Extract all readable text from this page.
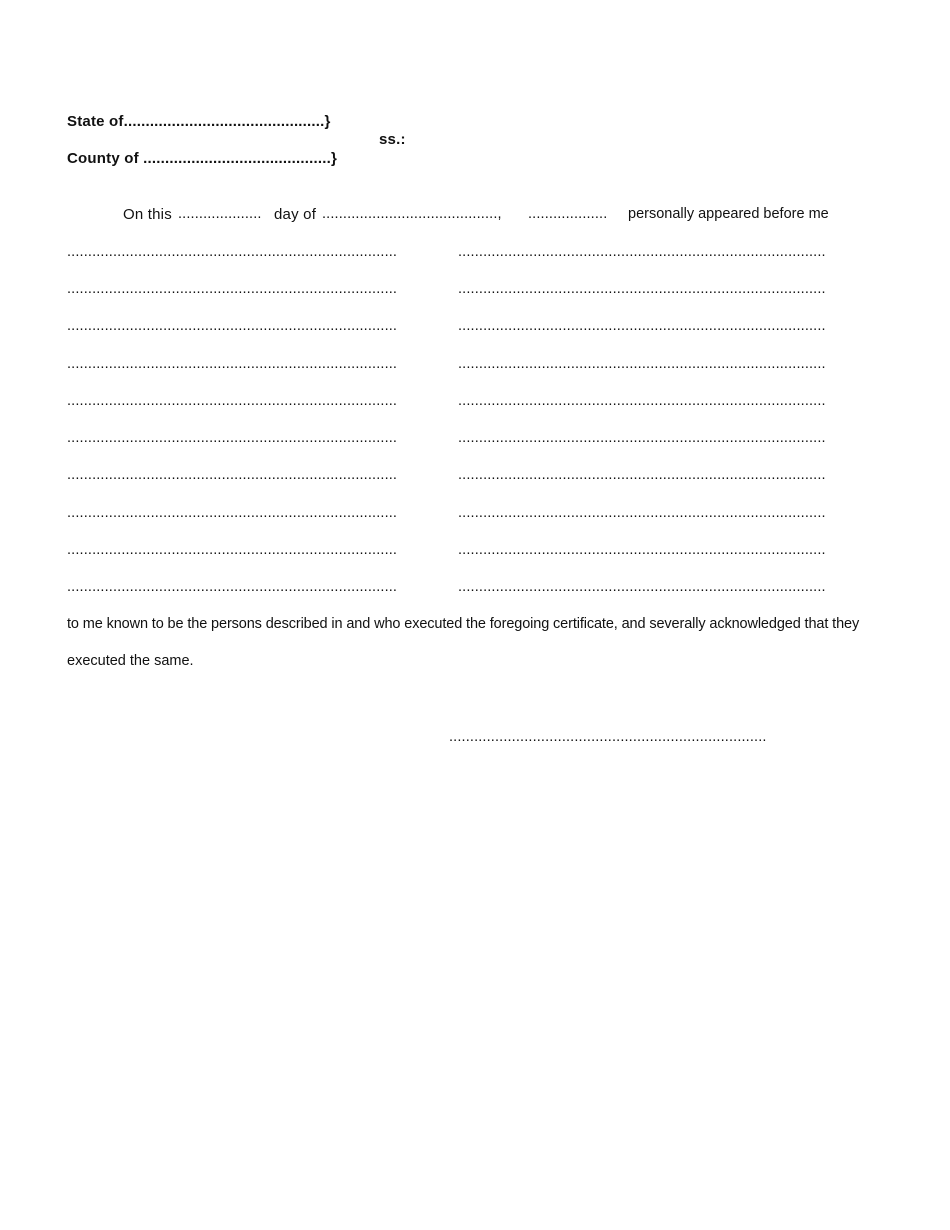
State of..............................................}
ss.:
County of ...........................................}
On this .................... day of .........................................., ................... personally appeared before me
...............................................................................
...............................................................................
...............................................................................
...............................................................................
...............................................................................
...............................................................................
...............................................................................
...............................................................................
...............................................................................
...............................................................................
........................................................................................
........................................................................................
........................................................................................
........................................................................................
........................................................................................
........................................................................................
........................................................................................
........................................................................................
........................................................................................
........................................................................................
to me known to be the persons described in and who executed the foregoing certificate, and severally acknowledged that they
executed the same.
............................................................................
